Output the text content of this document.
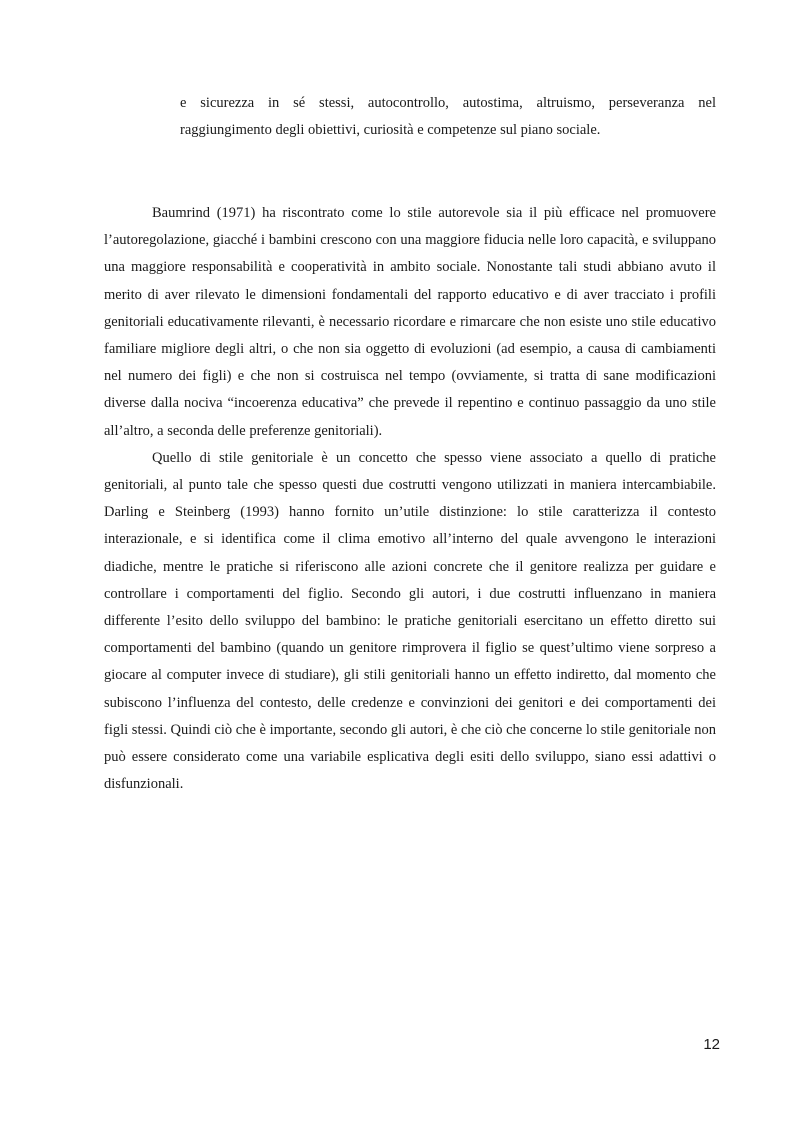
e sicurezza in sé stessi, autocontrollo, autostima, altruismo, perseveranza nel raggiungimento degli obiettivi, curiosità e competenze sul piano sociale.

Baumrind (1971) ha riscontrato come lo stile autorevole sia il più efficace nel promuovere l’autoregolazione, giacché i bambini crescono con una maggiore fiducia nelle loro capacità, e sviluppano una maggiore responsabilità e cooperatività in ambito sociale. Nonostante tali studi abbiano avuto il merito di aver rilevato le dimensioni fondamentali del rapporto educativo e di aver tracciato i profili genitoriali educativamente rilevanti, è necessario ricordare e rimarcare che non esiste uno stile educativo familiare migliore degli altri, o che non sia oggetto di evoluzioni (ad esempio, a causa di cambiamenti nel numero dei figli) e che non si costruisca nel tempo (ovviamente, si tratta di sane modificazioni diverse dalla nociva “incoerenza educativa” che prevede il repentino e continuo passaggio da uno stile all’altro, a seconda delle preferenze genitoriali).

Quello di stile genitoriale è un concetto che spesso viene associato a quello di pratiche genitoriali, al punto tale che spesso questi due costrutti vengono utilizzati in maniera intercambiabile. Darling e Steinberg (1993) hanno fornito un’utile distinzione: lo stile caratterizza il contesto interazionale, e si identifica come il clima emotivo all’interno del quale avvengono le interazioni diadiche, mentre le pratiche si riferiscono alle azioni concrete che il genitore realizza per guidare e controllare i comportamenti del figlio. Secondo gli autori, i due costrutti influenzano in maniera differente l’esito dello sviluppo del bambino: le pratiche genitoriali esercitano un effetto diretto sui comportamenti del bambino (quando un genitore rimprovera il figlio se quest’ultimo viene sorpreso a giocare al computer invece di studiare), gli stili genitoriali hanno un effetto indiretto, dal momento che subiscono l’influenza del contesto, delle credenze e convinzioni dei genitori e dei comportamenti dei figli stessi. Quindi ciò che è importante, secondo gli autori, è che ciò che concerne lo stile genitoriale non può essere considerato come una variabile esplicativa degli esiti dello sviluppo, siano essi adattivi o disfunzionali.

12
